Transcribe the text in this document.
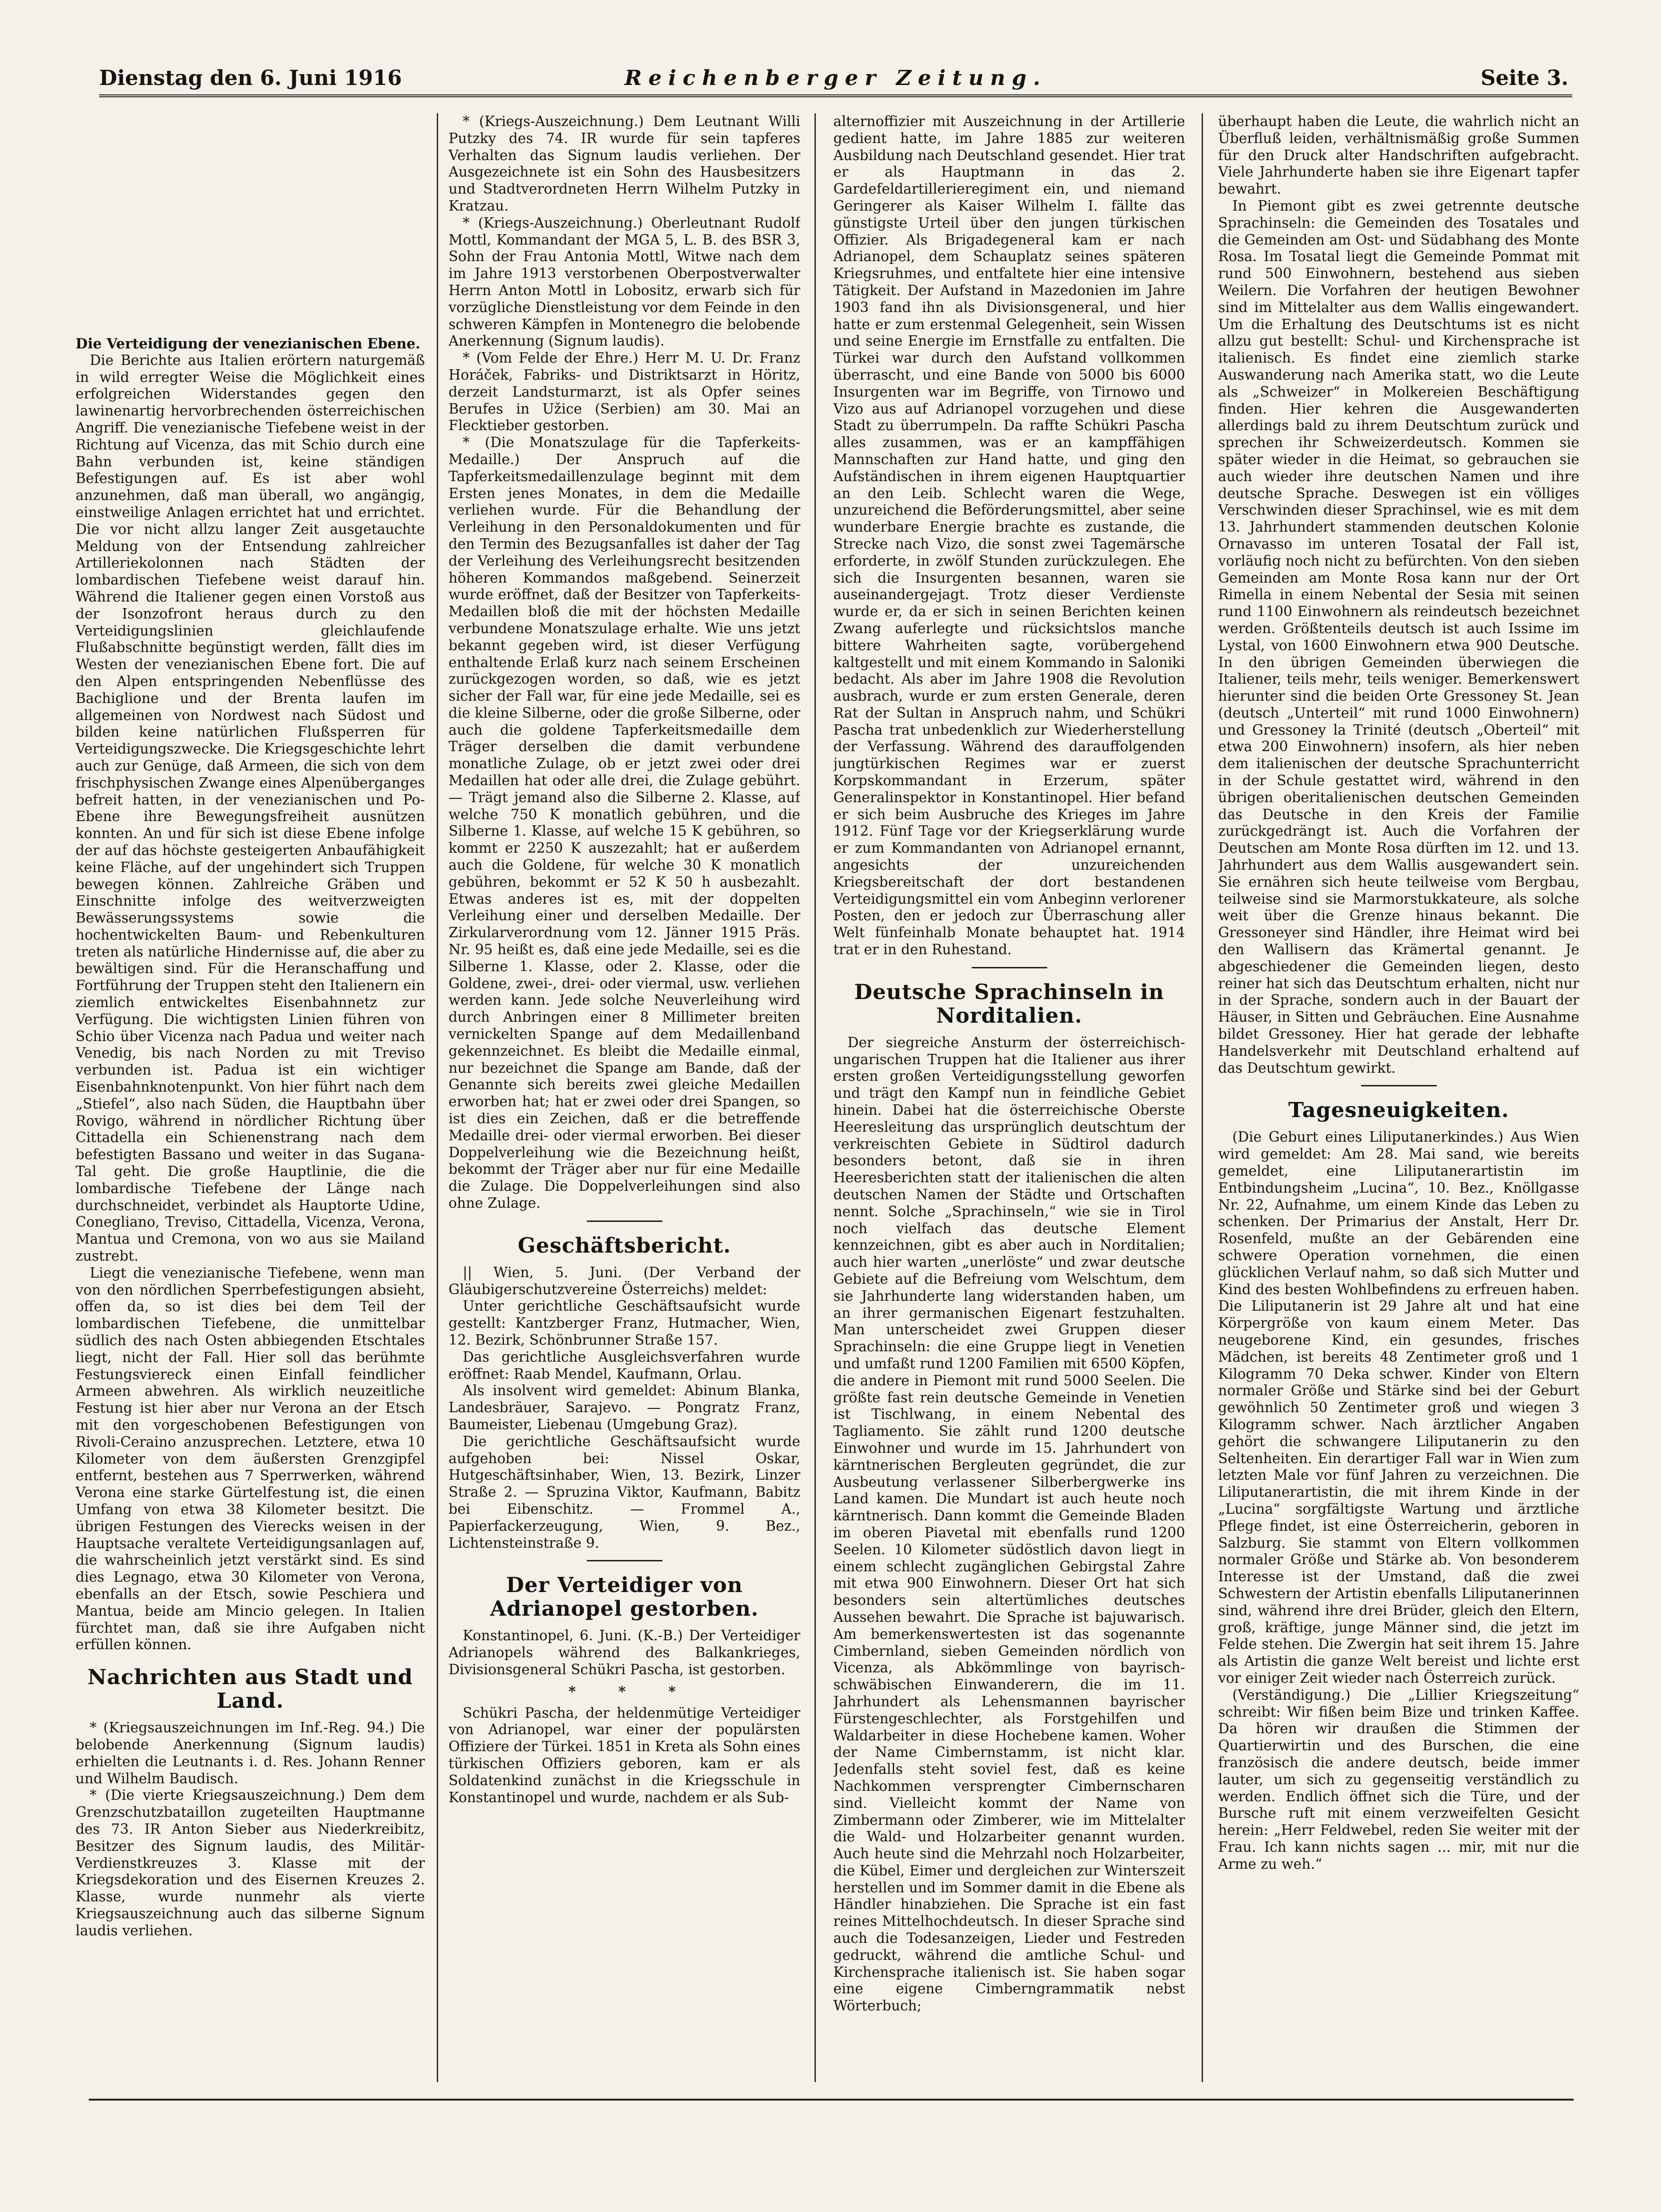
Dienstag den 6. Juni 1916	Reichenberger Zeitung.	Seite 3.

Die Verteidigung der venezianischen Ebene.

Die Berichte aus Italien erörtern naturgemäß in wild erregter Weise die Möglichkeit eines erfolgreichen Widerstandes gegen den lawinenartig hervorbrechenden österreichischen Angriff. Die venezianische Tiefebene weist in der Richtung auf Vicenza, das mit Schio durch eine Bahn verbunden ist, keine ständigen Befestigungen auf. Es ist aber wohl anzunehmen, daß man überall, wo angängig, einstweilige Anlagen errichtet hat und errichtet. Die vor nicht allzu langer Zeit ausgetauchte Meldung von der Entsendung zahlreicher Artilleriekolonnen nach Städten der lombardischen Tiefebene weist darauf hin. Während die Italiener gegen einen Vorstoß aus der Isonzofront heraus durch zu den Verteidigungslinien gleichlaufende Flußabschnitte begünstigt werden, fällt dies im Westen der venezianischen Ebene fort. Die auf den Alpen entspringenden Nebenflüsse des Bachiglione und der Brenta laufen im allgemeinen von Nordwest nach Südost und bilden keine natürlichen Flußsperren für Verteidigungszwecke. Die Kriegsgeschichte lehrt auch zur Genüge, daß Armeen, die sich von dem frischphysischen Zwange eines Alpenüberganges befreit hatten, in der venezianischen und Po-Ebene ihre Bewegungsfreiheit ausnützen konnten. An und für sich ist diese Ebene infolge der auf das höchste gesteigerten Anbaufähigkeit keine Fläche, auf der ungehindert sich Truppen bewegen können. Zahlreiche Gräben und Einschnitte infolge des weitverzweigten Bewässerungssystems sowie die hochentwickelten Baum- und Rebenkulturen treten als natürliche Hindernisse auf, die aber zu bewältigen sind. Für die Heranschaffung und Fortführung der Truppen steht den Italienern ein ziemlich entwickeltes Eisenbahnnetz zur Verfügung. Die wichtigsten Linien führen von Schio über Vicenza nach Padua und weiter nach Venedig, bis nach Norden zu mit Treviso verbunden ist. Padua ist ein wichtiger Eisenbahnknotenpunkt. Von hier führt nach dem „Stiefel“, also nach Süden, die Hauptbahn über Rovigo, während in nördlicher Richtung über Cittadella ein Schienenstrang nach dem befestigten Bassano und weiter in das Sugana-Tal geht. Die große Hauptlinie, die die lombardische Tiefebene der Länge nach durchschneidet, verbindet als Hauptorte Udine, Conegliano, Treviso, Cittadella, Vicenza, Verona, Mantua und Cremona, von wo aus sie Mailand zustrebt.

Liegt die venezianische Tiefebene, wenn man von den nördlichen Sperrbefestigungen absieht, offen da, so ist dies bei dem Teil der lombardischen Tiefebene, die unmittelbar südlich des nach Osten abbiegenden Etschtales liegt, nicht der Fall. Hier soll das berühmte Festungsviereck einen Einfall feindlicher Armeen abwehren. Als wirklich neuzeitliche Festung ist hier aber nur Verona an der Etsch mit den vorgeschobenen Befestigungen von Rivoli-Ceraino anzusprechen. Letztere, etwa 10 Kilometer von dem äußersten Grenzgipfel entfernt, bestehen aus 7 Sperrwerken, während Verona eine starke Gürtelfestung ist, die einen Umfang von etwa 38 Kilometer besitzt. Die übrigen Festungen des Vierecks weisen in der Hauptsache veraltete Verteidigungsanlagen auf, die wahrscheinlich jetzt verstärkt sind. Es sind dies Legnago, etwa 30 Kilometer von Verona, ebenfalls an der Etsch, sowie Peschiera und Mantua, beide am Mincio gelegen. In Italien fürchtet man, daß sie ihre Aufgaben nicht erfüllen können.

Nachrichten aus Stadt und Land.

* (Kriegsauszeichnungen im Inf.-Reg. 94.) Die belobende Anerkennung (Signum laudis) erhielten die Leutnants i. d. Res. Johann Renner und Wilhelm Baudisch.

* (Die vierte Kriegsauszeichnung.) Dem dem Grenzschutzbataillon zugeteilten Hauptmanne des 73. IR Anton Sieber aus Niederkreibitz, Besitzer des Signum laudis, des Militär-Verdienstkreuzes 3. Klasse mit der Kriegsdekoration und des Eisernen Kreuzes 2. Klasse, wurde nunmehr als vierte Kriegsauszeichnung auch das silberne Signum laudis verliehen.

* (Kriegs-Auszeichnung.) Dem Leutnant Willi Putzky des 74. IR wurde für sein tapferes Verhalten das Signum laudis verliehen. Der Ausgezeichnete ist ein Sohn des Hausbesitzers und Stadtverordneten Herrn Wilhelm Putzky in Kratzau.

* (Kriegs-Auszeichnung.) Oberleutnant Rudolf Mottl, Kommandant der MGA 5, L. B. des BSR 3, Sohn der Frau Antonia Mottl, Witwe nach dem im Jahre 1913 verstorbenen Oberpostverwalter Herrn Anton Mottl in Lobositz, erwarb sich für vorzügliche Dienstleistung vor dem Feinde in den schweren Kämpfen in Montenegro die belobende Anerkennung (Signum laudis).

* (Vom Felde der Ehre.) Herr M. U. Dr. Franz Horáček, Fabriks- und Distriktsarzt in Höritz, derzeit Landsturmarzt, ist als Opfer seines Berufes in Užice (Serbien) am 30. Mai an Flecktieber gestorben.

* (Die Monatszulage für die Tapferkeits-Medaille.) Der Anspruch auf die Tapferkeitsmedaillenzulage beginnt mit dem Ersten jenes Monates, in dem die Medaille verliehen wurde. Für die Behandlung der Verleihung in den Personaldokumenten und für den Termin des Bezugsanfalles ist daher der Tag der Verleihung des Verleihungsrecht besitzenden höheren Kommandos maßgebend. Seinerzeit wurde eröffnet, daß der Besitzer von Tapferkeits-Medaillen bloß die mit der höchsten Medaille verbundene Monatszulage erhalte. Wie uns jetzt bekannt gegeben wird, ist dieser Verfügung enthaltende Erlaß kurz nach seinem Erscheinen zurückgezogen worden, so daß, wie es jetzt sicher der Fall war, für eine jede Medaille, sei es die kleine Silberne, oder die große Silberne, oder auch die goldene Tapferkeitsmedaille dem Träger derselben die damit verbundene monatliche Zulage, ob er jetzt zwei oder drei Medaillen hat oder alle drei, die Zulage gebührt. — Trägt jemand also die Silberne 2. Klasse, auf welche 750 K monatlich gebühren, und die Silberne 1. Klasse, auf welche 15 K gebühren, so kommt er 2250 K auszezahlt; hat er außerdem auch die Goldene, für welche 30 K monatlich gebühren, bekommt er 52 K 50 h ausbezahlt. Etwas anderes ist es, mit der doppelten Verleihung einer und derselben Medaille. Der Zirkularverordnung vom 12. Jänner 1915 Präs. Nr. 95 heißt es, daß eine jede Medaille, sei es die Silberne 1. Klasse, oder 2. Klasse, oder die Goldene, zwei-, drei- oder viermal, usw. verliehen werden kann. Jede solche Neuverleihung wird durch Anbringen einer 8 Millimeter breiten vernickelten Spange auf dem Medaillenband gekennzeichnet. Es bleibt die Medaille einmal, nur bezeichnet die Spange am Bande, daß der Genannte sich bereits zwei gleiche Medaillen erworben hat; hat er zwei oder drei Spangen, so ist dies ein Zeichen, daß er die betreffende Medaille drei- oder viermal erworben. Bei dieser Doppelverleihung wie die Bezeichnung heißt, bekommt der Träger aber nur für eine Medaille die Zulage. Die Doppelverleihungen sind also ohne Zulage.

Geschäftsbericht.

|| Wien, 5. Juni. (Der Verband der Gläubigerschutzvereine Österreichs) meldet:

Unter gerichtliche Geschäftsaufsicht wurde gestellt: Kantzberger Franz, Hutmacher, Wien, 12. Bezirk, Schönbrunner Straße 157.

Das gerichtliche Ausgleichsverfahren wurde eröffnet: Raab Mendel, Kaufmann, Orlau.

Als insolvent wird gemeldet: Abinum Blanka, Landesbräuer, Sarajevo. — Pongratz Franz, Baumeister, Liebenau (Umgebung Graz).

Die gerichtliche Geschäftsaufsicht wurde aufgehoben bei: Nissel Oskar, Hutgeschäftsinhaber, Wien, 13. Bezirk, Linzer Straße 2. — Spruzina Viktor, Kaufmann, Babitz bei Eibenschitz. — Frommel A., Papierfackerzeugung, Wien, 9. Bez., Lichtensteinstraße 9.

Der Verteidiger von Adrianopel gestorben.

Konstantinopel, 6. Juni. (K.-B.) Der Verteidiger Adrianopels während des Balkankrieges, Divisionsgeneral Schükri Pascha, ist gestorben.

* * *

Schükri Pascha, der heldenmütige Verteidiger von Adrianopel, war einer der populärsten Offiziere der Türkei. 1851 in Kreta als Sohn eines türkischen Offiziers geboren, kam er als Soldatenkind zunächst in die Kriegsschule in Konstantinopel und wurde, nachdem er als Sub-

alternoffizier mit Auszeichnung in der Artillerie gedient hatte, im Jahre 1885 zur weiteren Ausbildung nach Deutschland gesendet. Hier trat er als Hauptmann in das 2. Gardefeldartillerieregiment ein, und niemand Geringerer als Kaiser Wilhelm I. fällte das günstigste Urteil über den jungen türkischen Offizier. Als Brigadegeneral kam er nach Adrianopel, dem Schauplatz seines späteren Kriegsruhmes, und entfaltete hier eine intensive Tätigkeit. Der Aufstand in Mazedonien im Jahre 1903 fand ihn als Divisionsgeneral, und hier hatte er zum erstenmal Gelegenheit, sein Wissen und seine Energie im Ernstfalle zu entfalten. Die Türkei war durch den Aufstand vollkommen überrascht, und eine Bande von 5000 bis 6000 Insurgenten war im Begriffe, von Tirnowo und Vizo aus auf Adrianopel vorzugehen und diese Stadt zu überrumpeln. Da raffte Schükri Pascha alles zusammen, was er an kampffähigen Mannschaften zur Hand hatte, und ging den Aufständischen in ihrem eigenen Hauptquartier an den Leib. Schlecht waren die Wege, unzureichend die Beförderungsmittel, aber seine wunderbare Energie brachte es zustande, die Strecke nach Vizo, die sonst zwei Tagemärsche erforderte, in zwölf Stunden zurückzulegen. Ehe sich die Insurgenten besannen, waren sie auseinandergejagt. Trotz dieser Verdienste wurde er, da er sich in seinen Berichten keinen Zwang auferlegte und rücksichtslos manche bittere Wahrheiten sagte, vorübergehend kaltgestellt und mit einem Kommando in Saloniki bedacht. Als aber im Jahre 1908 die Revolution ausbrach, wurde er zum ersten Generale, deren Rat der Sultan in Anspruch nahm, und Schükri Pascha trat unbedenklich zur Wiederherstellung der Verfassung. Während des darauffolgenden jungtürkischen Regimes war er zuerst Korpskommandant in Erzerum, später Generalinspektor in Konstantinopel. Hier befand er sich beim Ausbruche des Krieges im Jahre 1912. Fünf Tage vor der Kriegserklärung wurde er zum Kommandanten von Adrianopel ernannt, angesichts der unzureichenden Kriegsbereitschaft der dort bestandenen Verteidigungsmittel ein vom Anbeginn verlorener Posten, den er jedoch zur Überraschung aller Welt fünfeinhalb Monate behauptet hat. 1914 trat er in den Ruhestand.

Deutsche Sprachinseln in Norditalien.

Der siegreiche Ansturm der österreichisch-ungarischen Truppen hat die Italiener aus ihrer ersten großen Verteidigungsstellung geworfen und trägt den Kampf nun in feindliche Gebiet hinein. Dabei hat die österreichische Oberste Heeresleitung das ursprünglich deutschtum der verkreischten Gebiete in Südtirol dadurch besonders betont, daß sie in ihren Heeresberichten statt der italienischen die alten deutschen Namen der Städte und Ortschaften nennt. Solche „Sprachinseln,“ wie sie in Tirol noch vielfach das deutsche Element kennzeichnen, gibt es aber auch in Norditalien; auch hier warten „unerlöste“ und zwar deutsche Gebiete auf die Befreiung vom Welschtum, dem sie Jahrhunderte lang widerstanden haben, um an ihrer germanischen Eigenart festzuhalten. Man unterscheidet zwei Gruppen dieser Sprachinseln: die eine Gruppe liegt in Venetien und umfaßt rund 1200 Familien mit 6500 Köpfen, die andere in Piemont mit rund 5000 Seelen. Die größte fast rein deutsche Gemeinde in Venetien ist Tischlwang, in einem Nebental des Tagliamento. Sie zählt rund 1200 deutsche Einwohner und wurde im 15. Jahrhundert von kärntnerischen Bergleuten gegründet, die zur Ausbeutung verlassener Silberbergwerke ins Land kamen. Die Mundart ist auch heute noch kärntnerisch. Dann kommt die Gemeinde Bladen im oberen Piavetal mit ebenfalls rund 1200 Seelen. 10 Kilometer südöstlich davon liegt in einem schlecht zugänglichen Gebirgstal Zahre mit etwa 900 Einwohnern. Dieser Ort hat sich besonders sein altertümliches deutsches Aussehen bewahrt. Die Sprache ist bajuwarisch. Am bemerkenswertesten ist das sogenannte Cimbernland, sieben Gemeinden nördlich von Vicenza, als Abkömmlinge von bayrisch-schwäbischen Einwanderern, die im 11. Jahrhundert als Lehensmannen bayrischer Fürstengeschlechter, als Forstgehilfen und Waldarbeiter in diese Hochebene kamen. Woher der Name Cimbernstamm, ist nicht klar. Jedenfalls steht soviel fest, daß es keine Nachkommen versprengter Cimbernscharen sind. Vielleicht kommt der Name von Zimbermann oder Zimberer, wie im Mittelalter die Wald- und Holzarbeiter genannt wurden. Auch heute sind die Mehrzahl noch Holzarbeiter, die Kübel, Eimer und dergleichen zur Winterszeit herstellen und im Sommer damit in die Ebene als Händler hinabziehen. Die Sprache ist ein fast reines Mittelhochdeutsch. In dieser Sprache sind auch die Todesanzeigen, Lieder und Festreden gedruckt, während die amtliche Schul- und Kirchensprache italienisch ist. Sie haben sogar eine eigene Cimberngrammatik nebst Wörterbuch;

überhaupt haben die Leute, die wahrlich nicht an Überfluß leiden, verhältnismäßig große Summen für den Druck alter Handschriften aufgebracht. Viele Jahrhunderte haben sie ihre Eigenart tapfer bewahrt.

In Piemont gibt es zwei getrennte deutsche Sprachinseln: die Gemeinden des Tosatales und die Gemeinden am Ost- und Südabhang des Monte Rosa. Im Tosatal liegt die Gemeinde Pommat mit rund 500 Einwohnern, bestehend aus sieben Weilern. Die Vorfahren der heutigen Bewohner sind im Mittelalter aus dem Wallis eingewandert. Um die Erhaltung des Deutschtums ist es nicht allzu gut bestellt: Schul- und Kirchensprache ist italienisch. Es findet eine ziemlich starke Auswanderung nach Amerika statt, wo die Leute als „Schweizer“ in Molkereien Beschäftigung finden. Hier kehren die Ausgewanderten allerdings bald zu ihrem Deutschtum zurück und sprechen ihr Schweizerdeutsch. Kommen sie später wieder in die Heimat, so gebrauchen sie auch wieder ihre deutschen Namen und ihre deutsche Sprache. Deswegen ist ein völliges Verschwinden dieser Sprachinsel, wie es mit dem 13. Jahrhundert stammenden deutschen Kolonie Ornavasso im unteren Tosatal der Fall ist, vorläufig noch nicht zu befürchten. Von den sieben Gemeinden am Monte Rosa kann nur der Ort Rimella in einem Nebental der Sesia mit seinen rund 1100 Einwohnern als reindeutsch bezeichnet werden. Größtenteils deutsch ist auch Issime im Lystal, von 1600 Einwohnern etwa 900 Deutsche. In den übrigen Gemeinden überwiegen die Italiener, teils mehr, teils weniger. Bemerkenswert hierunter sind die beiden Orte Gressoney St. Jean (deutsch „Unterteil“ mit rund 1000 Einwohnern) und Gressoney la Trinité (deutsch „Oberteil“ mit etwa 200 Einwohnern) insofern, als hier neben dem italienischen der deutsche Sprachunterricht in der Schule gestattet wird, während in den übrigen oberitalienischen deutschen Gemeinden das Deutsche in den Kreis der Familie zurückgedrängt ist. Auch die Vorfahren der Deutschen am Monte Rosa dürften im 12. und 13. Jahrhundert aus dem Wallis ausgewandert sein. Sie ernähren sich heute teilweise vom Bergbau, teilweise sind sie Marmorstukkateure, als solche weit über die Grenze hinaus bekannt. Die Gressoneyer sind Händler, ihre Heimat wird bei den Wallisern das Krämertal genannt. Je abgeschiedener die Gemeinden liegen, desto reiner hat sich das Deutschtum erhalten, nicht nur in der Sprache, sondern auch in der Bauart der Häuser, in Sitten und Gebräuchen. Eine Ausnahme bildet Gressoney. Hier hat gerade der lebhafte Handelsverkehr mit Deutschland erhaltend auf das Deutschtum gewirkt.

Tagesneuigkeiten.

(Die Geburt eines Liliputanerkindes.) Aus Wien wird gemeldet: Am 28. Mai sand, wie bereits gemeldet, eine Liliputanerartistin im Entbindungsheim „Lucina“, 10. Bez., Knöllgasse Nr. 22, Aufnahme, um einem Kinde das Leben zu schenken. Der Primarius der Anstalt, Herr Dr. Rosenfeld, mußte an der Gebärenden eine schwere Operation vornehmen, die einen glücklichen Verlauf nahm, so daß sich Mutter und Kind des besten Wohlbefindens zu erfreuen haben. Die Liliputanerin ist 29 Jahre alt und hat eine Körpergröße von kaum einem Meter. Das neugeborene Kind, ein gesundes, frisches Mädchen, ist bereits 48 Zentimeter groß und 1 Kilogramm 70 Deka schwer. Kinder von Eltern normaler Größe und Stärke sind bei der Geburt gewöhnlich 50 Zentimeter groß und wiegen 3 Kilogramm schwer. Nach ärztlicher Angaben gehört die schwangere Liliputanerin zu den Seltenheiten. Ein derartiger Fall war in Wien zum letzten Male vor fünf Jahren zu verzeichnen. Die Liliputanerartistin, die mit ihrem Kinde in der „Lucina“ sorgfältigste Wartung und ärztliche Pflege findet, ist eine Österreicherin, geboren in Salzburg. Sie stammt von Eltern vollkommen normaler Größe und Stärke ab. Von besonderem Interesse ist der Umstand, daß die zwei Schwestern der Artistin ebenfalls Liliputanerinnen sind, während ihre drei Brüder, gleich den Eltern, groß, kräftige, junge Männer sind, die jetzt im Felde stehen. Die Zwergin hat seit ihrem 15. Jahre als Artistin die ganze Welt bereist und lichte erst vor einiger Zeit wieder nach Österreich zurück.

(Verständigung.) Die „Lillier Kriegszeitung“ schreibt: Wir fißen beim Bize und trinken Kaffee. Da hören wir draußen die Stimmen der Quartierwirtin und des Burschen, die eine französisch die andere deutsch, beide immer lauter, um sich zu gegenseitig verständlich zu werden. Endlich öffnet sich die Türe, und der Bursche ruft mit einem verzweifelten Gesicht herein: „Herr Feldwebel, reden Sie weiter mit der Frau. Ich kann nichts sagen ... mir, mit nur die Arme zu weh.“
